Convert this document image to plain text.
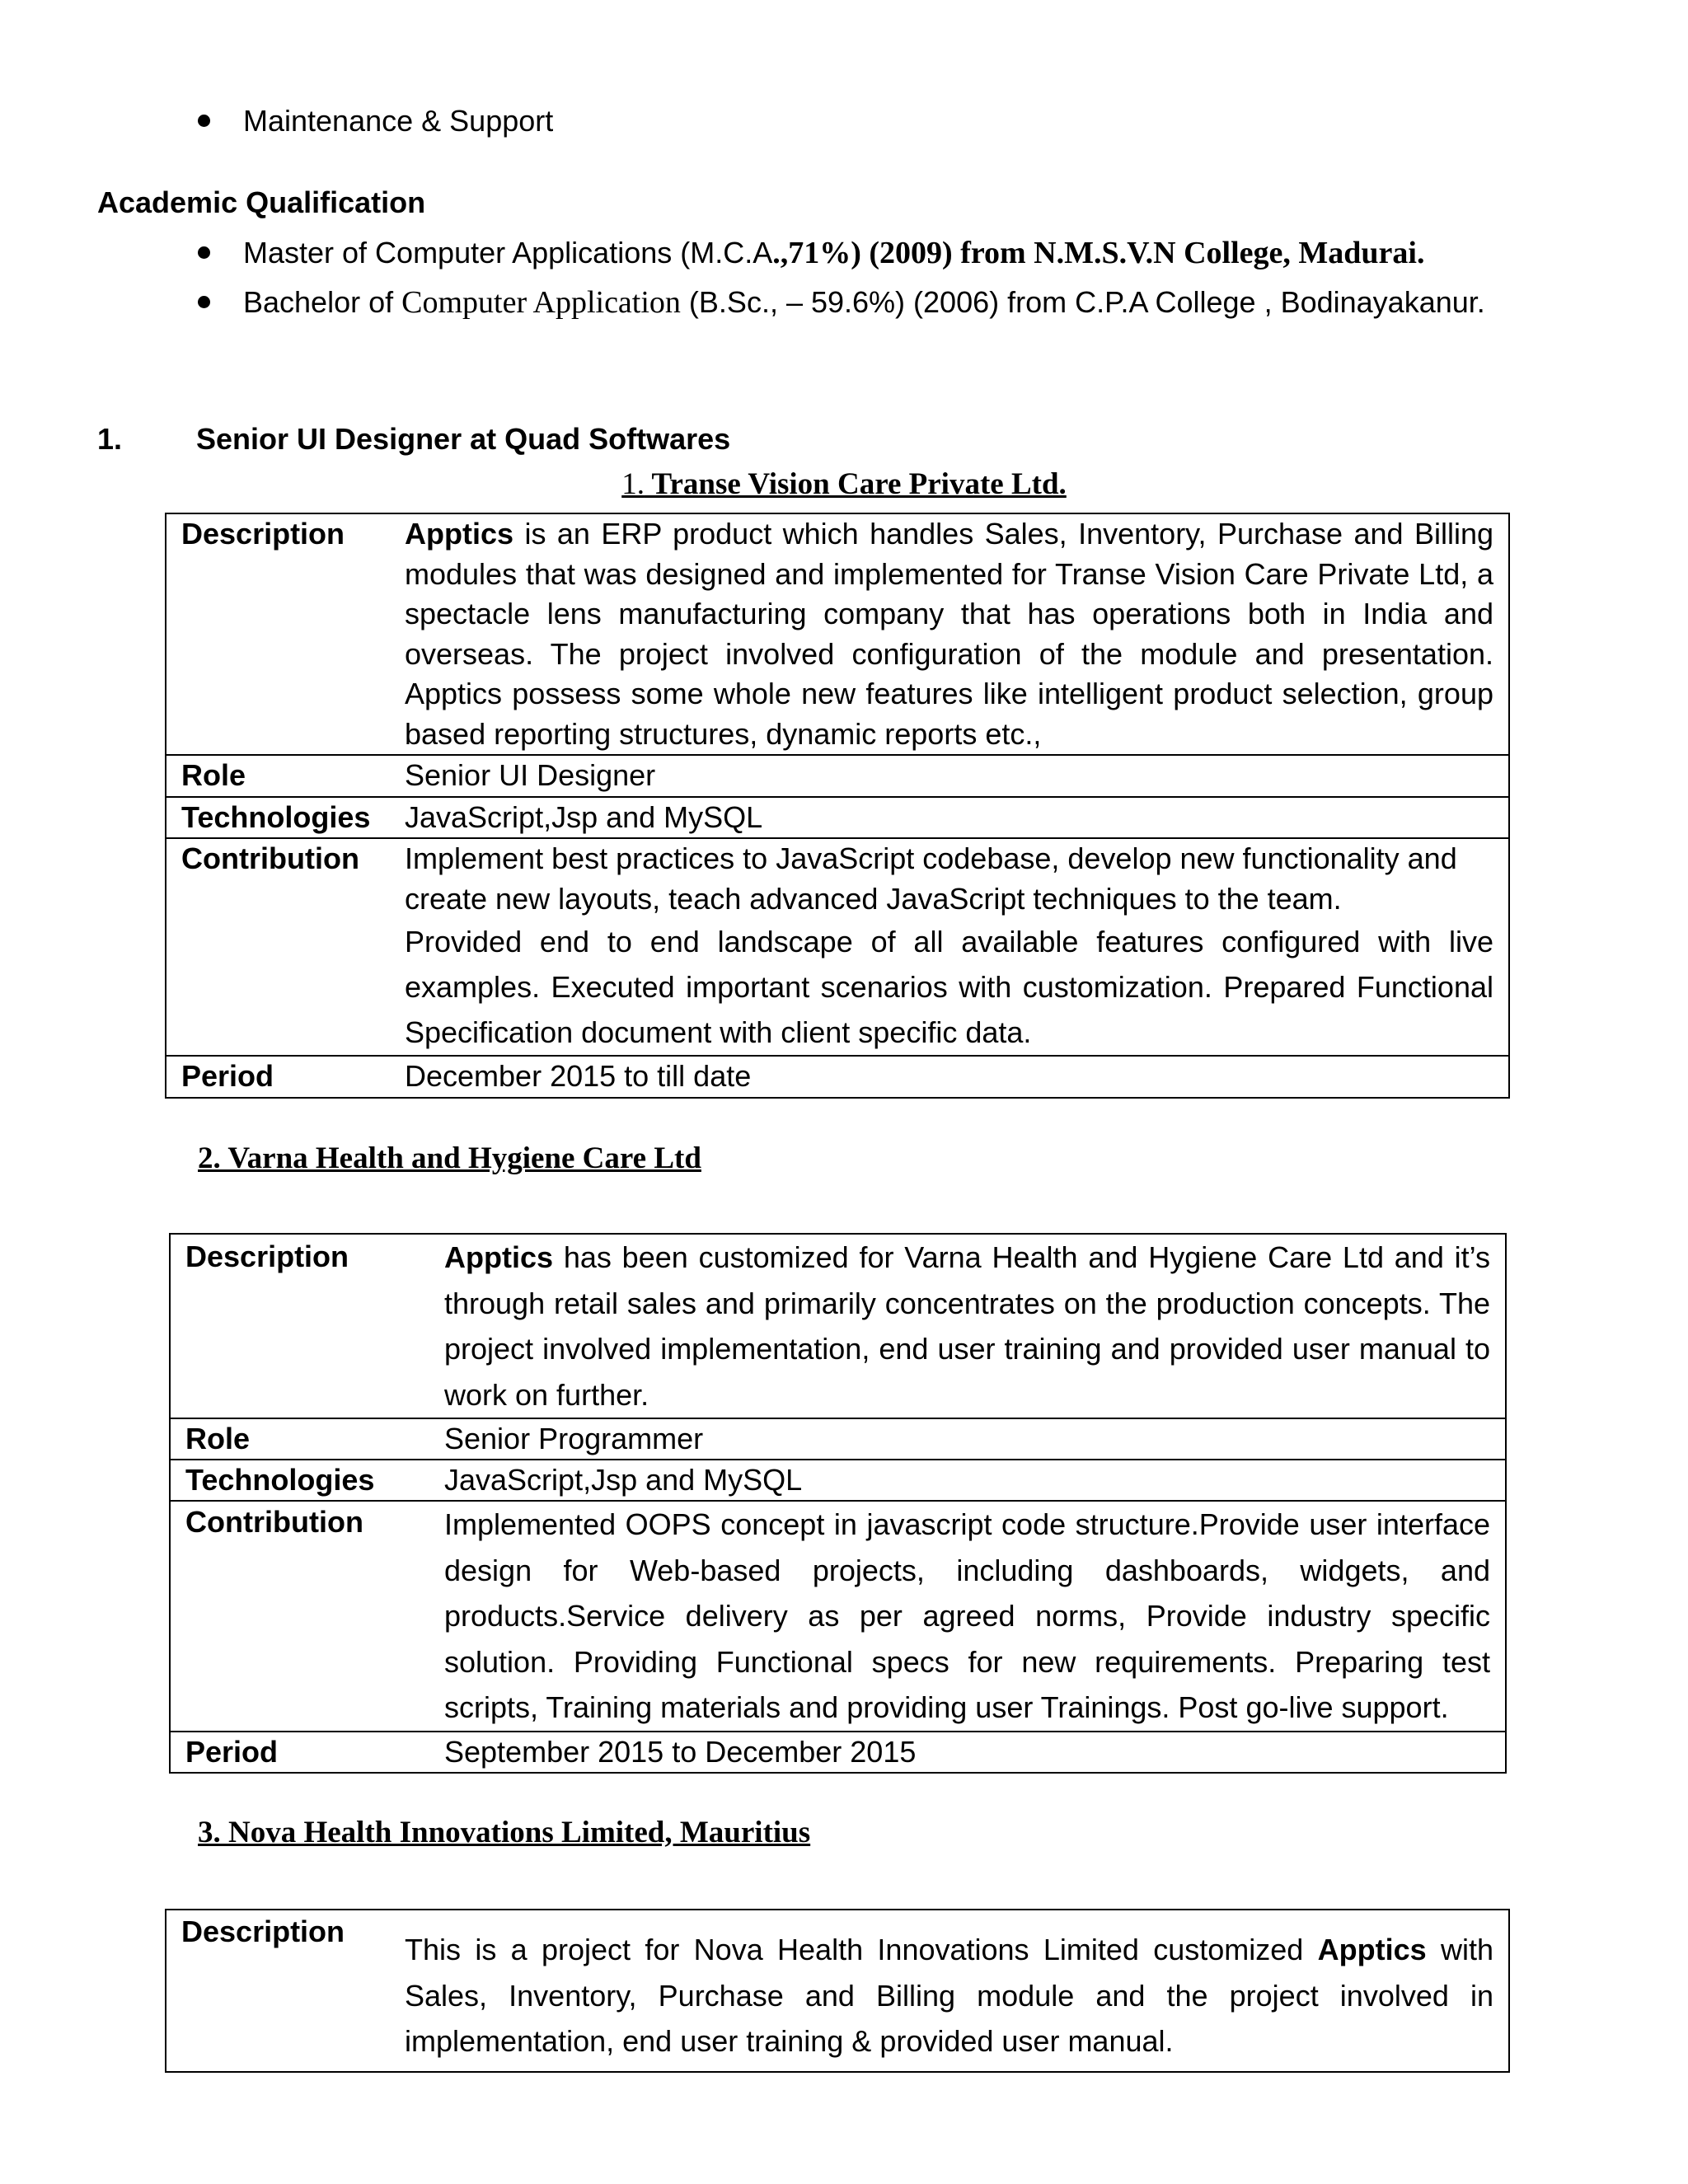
Maintenance & Support
Academic Qualification
Master of Computer Applications (M.C.A.,71%) (2009) from N.M.S.V.N College, Madurai.
Bachelor of Computer Application (B.Sc., – 59.6%) (2006) from C.P.A College , Bodinayakanur.
1. Senior UI Designer at Quad Softwares
1. Transe Vision Care Private Ltd.
Description	Apptics is an ERP product which handles Sales, Inventory, Purchase and Billing modules that was designed and implemented for Transe Vision Care Private Ltd, a spectacle lens manufacturing company that has operations both in India and overseas. The project involved configuration of the module and presentation. Apptics possess some whole new features like intelligent product selection, group based reporting structures, dynamic reports etc.,
Role	Senior UI Designer
Technologies	JavaScript,Jsp and MySQL
Contribution	Implement best practices to JavaScript codebase, develop new functionality and create new layouts, teach advanced JavaScript techniques to the team.
Provided end to end landscape of all available features configured with live examples. Executed important scenarios with customization. Prepared Functional Specification document with client specific data.

Period	December 2015 to till date
2. Varna Health and Hygiene Care Ltd
Description	Apptics has been customized for Varna Health and Hygiene Care Ltd and it’s through retail sales and primarily concentrates on the production concepts. The project involved implementation, end user training and provided user manual to work on further.
Role	Senior Programmer
Technologies	JavaScript,Jsp and MySQL
Contribution	Implemented OOPS concept in javascript code structure.Provide user interface design for Web-based projects, including dashboards, widgets, and products.Service delivery as per agreed norms, Provide industry specific solution. Providing Functional specs for new requirements. Preparing test scripts, Training materials and providing user Trainings. Post go-live support.
Period	September 2015 to December 2015
3. Nova Health Innovations Limited, Mauritius
Description	This is a project for Nova Health Innovations Limited customized Apptics with Sales, Inventory, Purchase and Billing module and the project involved in implementation, end user training & provided user manual.
